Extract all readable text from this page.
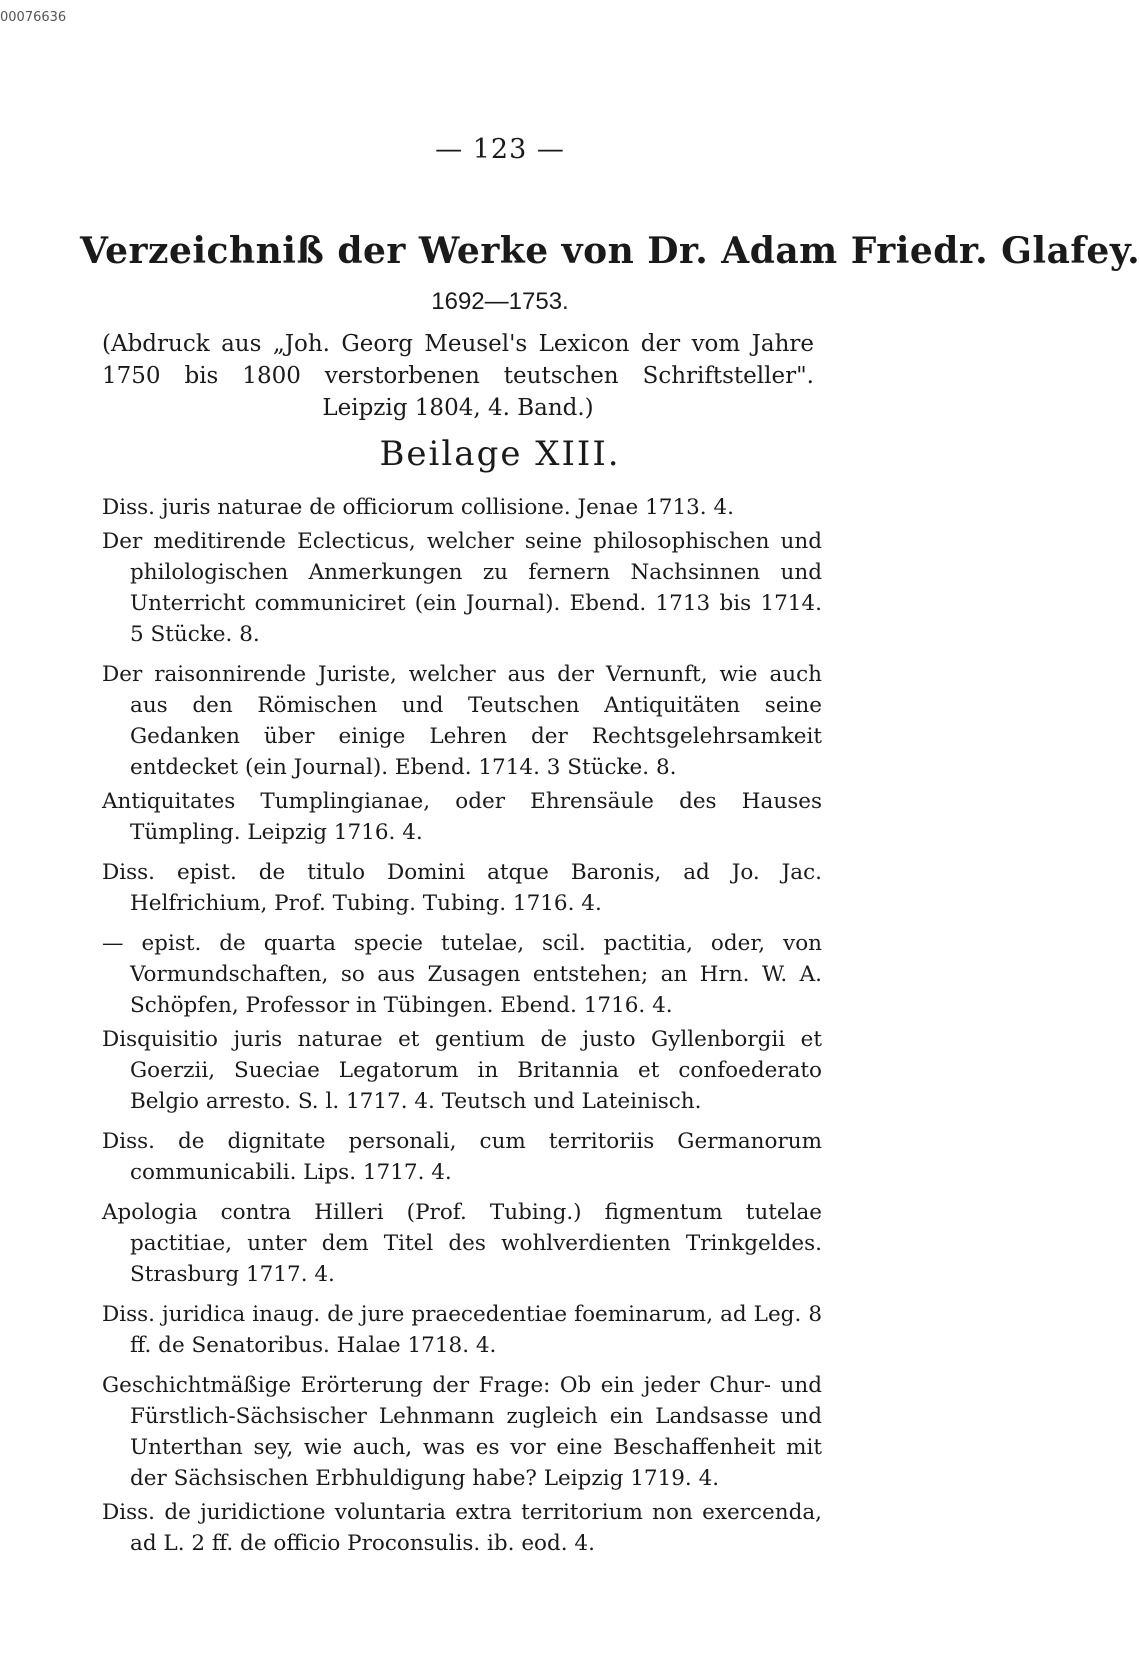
00076636
— 123 —
Verzeichniß der Werke von Dr. Adam Friedr. Glafey.
1692—1753.
(Abdruck aus „Joh. Georg Meusel's Lexicon der vom Jahre 1750 bis 1800 verstorbenen teutschen Schriftsteller". Leipzig 1804, 4. Band.)
Beilage XIII.
Diss. juris naturae de officiorum collisione. Jenae 1713. 4.
Der meditirende Eclecticus, welcher seine philosophischen und philologischen Anmerkungen zu fernern Nachsinnen und Unterricht communiciret (ein Journal). Ebend. 1713 bis 1714. 5 Stücke. 8.
Der raisonnirende Juriste, welcher aus der Vernunft, wie auch aus den Römischen und Teutschen Antiquitäten seine Gedanken über einige Lehren der Rechtsgelehrsamkeit entdecket (ein Journal). Ebend. 1714. 3 Stücke. 8.
Antiquitates Tumplingianae, oder Ehrensäule des Hauses Tümpling. Leipzig 1716. 4.
Diss. epist. de titulo Domini atque Baronis, ad Jo. Jac. Helfrichium, Prof. Tubing. Tubing. 1716. 4.
— epist. de quarta specie tutelae, scil. pactitia, oder, von Vormundschaften, so aus Zusagen entstehen; an Hrn. W. A. Schöpfen, Professor in Tübingen. Ebend. 1716. 4.
Disquisitio juris naturae et gentium de justo Gyllenborgii et Goerzii, Sueciae Legatorum in Britannia et confoederato Belgio arresto. S. l. 1717. 4. Teutsch und Lateinisch.
Diss. de dignitate personali, cum territoriis Germanorum communicabili. Lips. 1717. 4.
Apologia contra Hilleri (Prof. Tubing.) figmentum tutelae pactitiae, unter dem Titel des wohlverdienten Trinkgeldes. Strasburg 1717. 4.
Diss. juridica inaug. de jure praecedentiae foeminarum, ad Leg. 8 ff. de Senatoribus. Halae 1718. 4.
Geschichtmäßige Erörterung der Frage: Ob ein jeder Chur- und Fürstlich-Sächsischer Lehnmann zugleich ein Landsasse und Unterthan sey, wie auch, was es vor eine Beschaffenheit mit der Sächsischen Erbhuldigung habe? Leipzig 1719. 4.
Diss. de juridictione voluntaria extra territorium non exercenda, ad L. 2 ff. de officio Proconsulis. ib. eod. 4.
